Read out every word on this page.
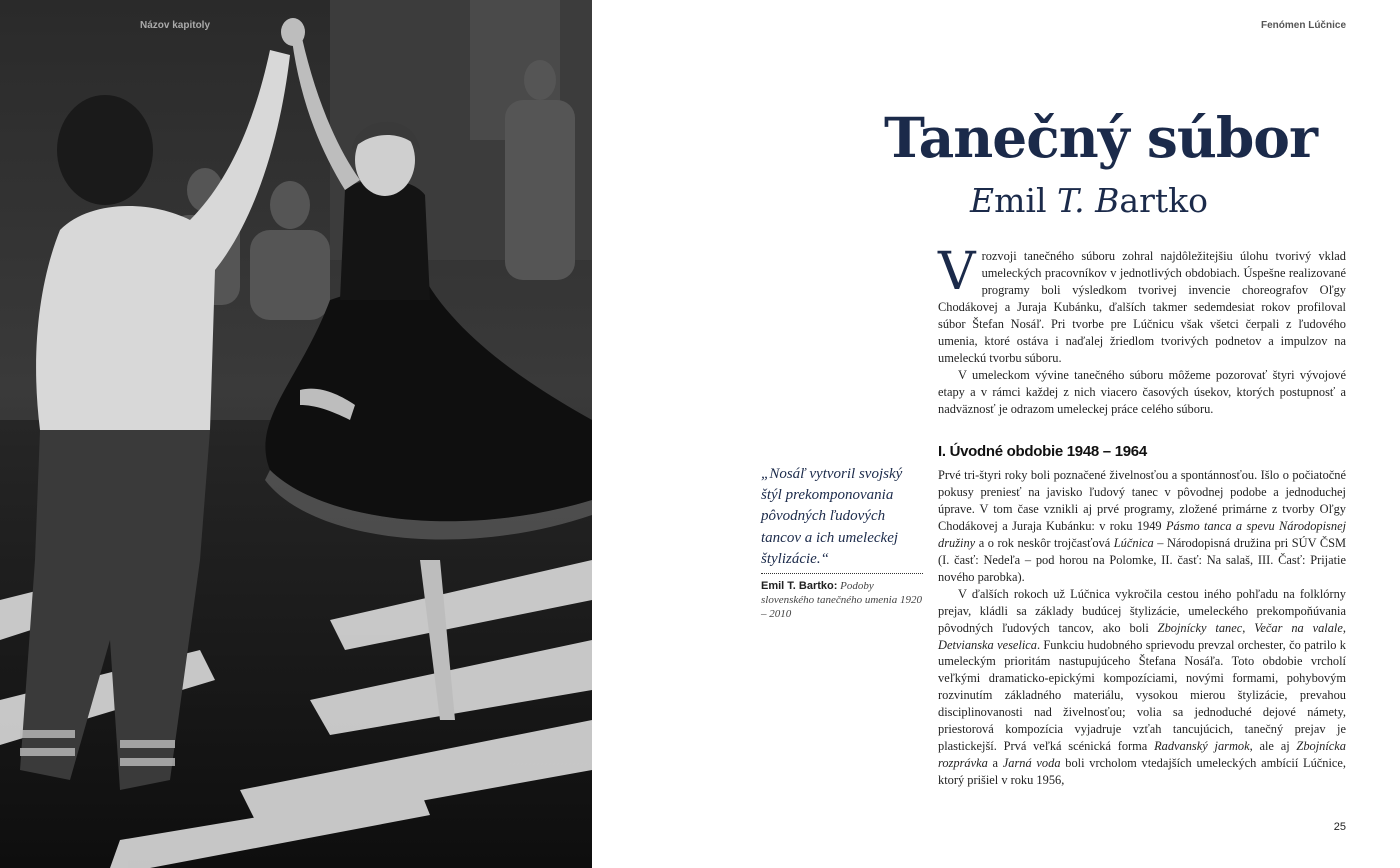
Názov kapitoly	Fenómen Lúčnice
Tanečný súbor
Emil T. Bartko

V rozvoji tanečného súboru zohral najdôležitejšiu úlohu tvorivý vklad umeleckých pracovníkov v jednotlivých obdobiach. Úspešne realizované programy boli výsledkom tvorivej invencie choreografov Oľgy Chodákovej a Juraja Kubánku, ďalších takmer sedemdesiat rokov profiloval súbor Štefan Nosáľ. Pri tvorbe pre Lúčnicu však všetci čerpali z ľudového umenia, ktoré ostáva i naďalej žriedlom tvorivých podnetov a impulzov na umeleckú tvorbu súboru.

V umeleckom vývine tanečného súboru môžeme pozorovať štyri vývojové etapy a v rámci každej z nich viacero časových úsekov, ktorých postupnosť a nadväznosť je odrazom umeleckej práce celého súboru.

I. Úvodné obdobie 1948 – 1964

Prvé tri-štyri roky boli poznačené živelnosťou a spontánnosťou. Išlo o počiatočné pokusy preniesť na javisko ľudový tanec v pôvodnej podobe a jednoduchej úprave. V tom čase vznikli aj prvé programy, zložené primárne z tvorby Oľgy Chodákovej a Juraja Kubánku: v roku 1949 Pásmo tanca a spevu Národopisnej družiny a o rok neskôr trojčasťová Lúčnica – Národopisná družina pri SÚV ČSM (I. časť: Nedeľa – pod horou na Polomke, II. časť: Na salaš, III. Časť: Prijatie nového parobka).

V ďalších rokoch už Lúčnica vykročila cestou iného pohľadu na folklórny prejav, kládli sa základy budúcej štylizácie, umeleckého prekompoňúvania pôvodných ľudových tancov, ako boli Zbojnícky tanec, Večar na valale, Detvianska veselica. Funkciu hudobného sprievodu prevzal orchester, čo patrilo k umeleckým prioritám nastupujúceho Štefana Nosáľa. Toto obdobie vrcholí veľkými dramaticko-epickými kompozíciami, novými formami, pohybovým rozvinutím základného materiálu, vysokou mierou štylizácie, prevahou disciplinovanosti nad živelnosťou; volia sa jednoduché dejové námety, priestorová kompozícia vyjadruje vzťah tancujúcich, tanečný prejav je plastickejší. Prvá veľká scénická forma Radvanský jarmok, ale aj Zbojnícka rozprávka a Jarná voda boli vrcholom vtedajších umeleckých ambícií Lúčnice, ktorý prišiel v roku 1956,

„Nosáľ vytvoril svojský štýl prekomponovania pôvodných ľudových tancov a ich umeleckej štylizácie.“

Emil T. Bartko: Podoby slovenského tanečného umenia 1920 – 2010
25
